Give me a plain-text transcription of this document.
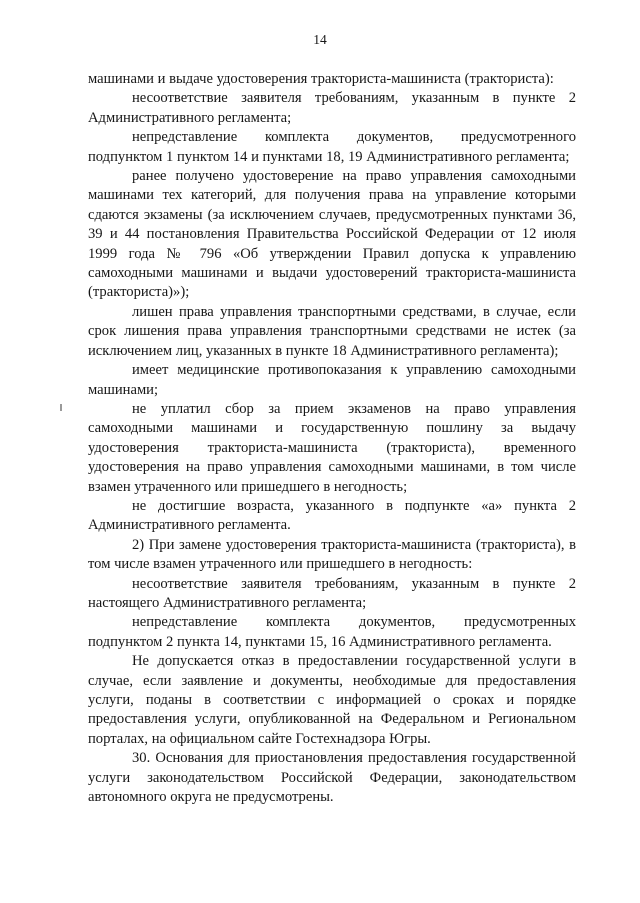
14

машинами и выдаче удостоверения тракториста-машиниста (тракториста):

несоответствие заявителя требованиям, указанным в пункте 2 Административного регламента;

непредставление комплекта документов, предусмотренного подпунктом 1 пунктом 14 и пунктами 18, 19 Административного регламента;

ранее получено удостоверение на право управления самоходными машинами тех категорий, для получения права на управление которыми сдаются экзамены (за исключением случаев, предусмотренных пунктами 36, 39 и 44 постановления Правительства Российской Федерации от 12 июля 1999 года № 796 «Об утверждении Правил допуска к управлению самоходными машинами и выдачи удостоверений тракториста-машиниста (тракториста)»);

лишен права управления транспортными средствами, в случае, если срок лишения права управления транспортными средствами не истек (за исключением лиц, указанных в пункте 18 Административного регламента);

имеет медицинские противопоказания к управлению самоходными машинами;

не уплатил сбор за прием экзаменов на право управления самоходными машинами и государственную пошлину за выдачу удостоверения тракториста-машиниста (тракториста), временного удостоверения на право управления самоходными машинами, в том числе взамен утраченного или пришедшего в негодность;

не достигшие возраста, указанного в подпункте «а» пункта 2 Административного регламента.

2) При замене удостоверения тракториста-машиниста (тракториста), в том числе взамен утраченного или пришедшего в негодность:

несоответствие заявителя требованиям, указанным в пункте 2 настоящего Административного регламента;

непредставление комплекта документов, предусмотренных подпунктом 2 пункта 14, пунктами 15, 16 Административного регламента.

Не допускается отказ в предоставлении государственной услуги в случае, если заявление и документы, необходимые для предоставления услуги, поданы в соответствии с информацией о сроках и порядке предоставления услуги, опубликованной на Федеральном и Региональном порталах, на официальном сайте Гостехнадзора Югры.

30. Основания для приостановления предоставления государственной услуги законодательством Российской Федерации, законодательством автономного округа не предусмотрены.
